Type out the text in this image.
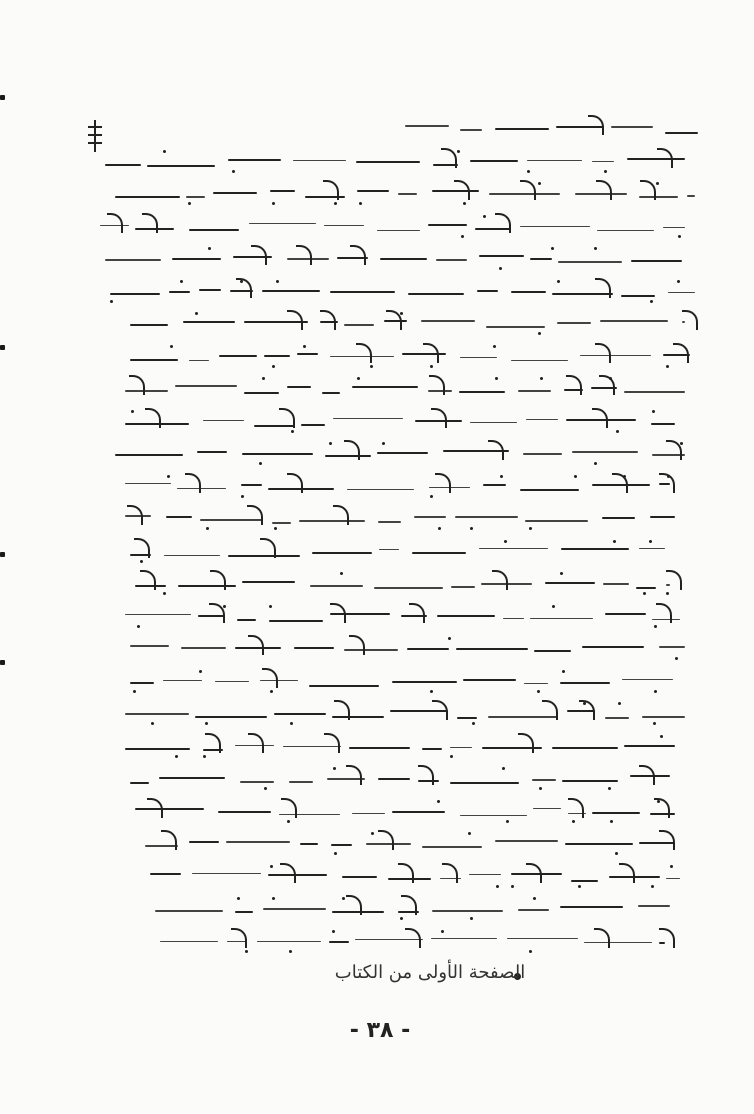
الصفحة الأولى من الكتاب
- ٣٨ -
